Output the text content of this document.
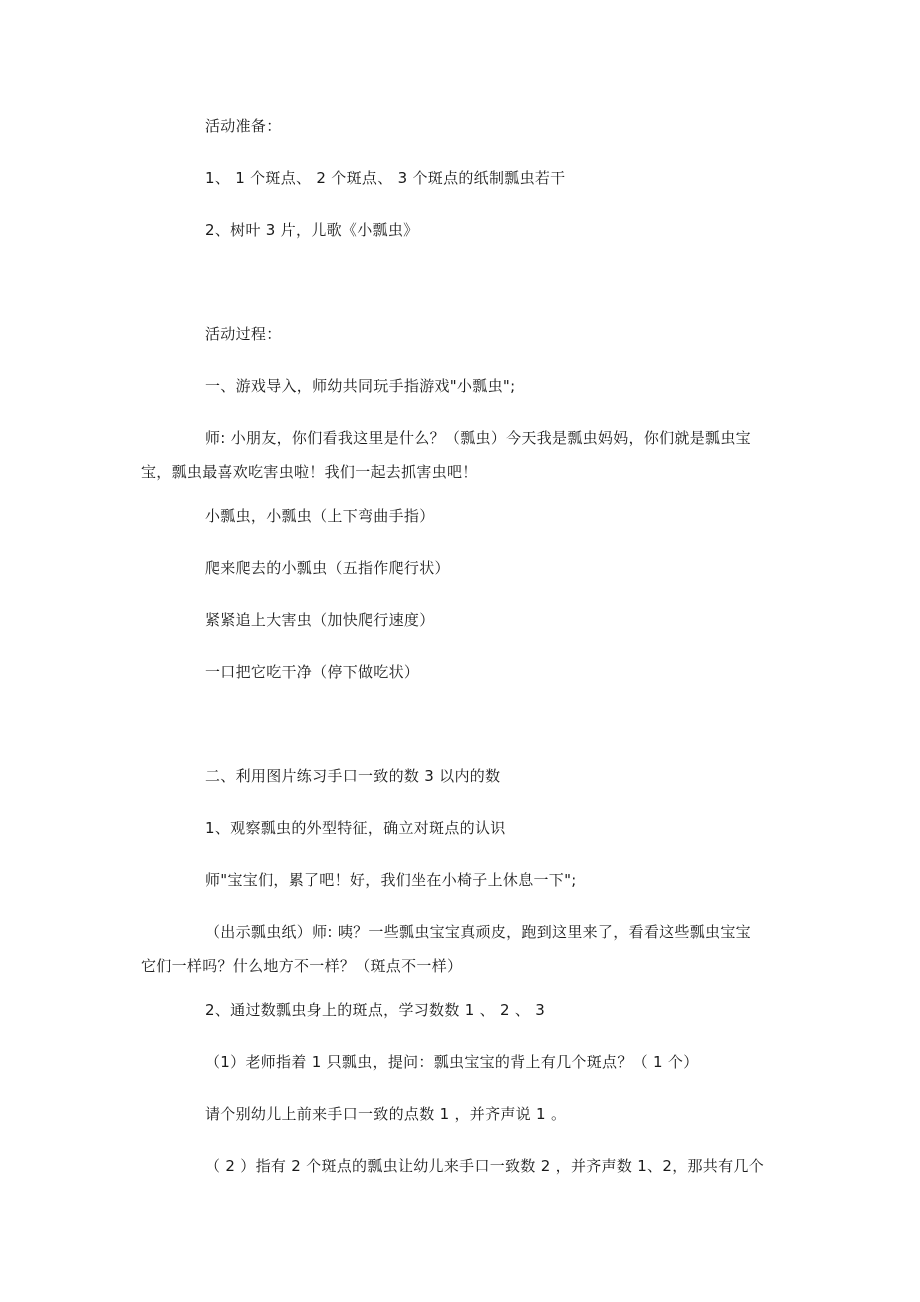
活动准备：
1、 1 个斑点、 2 个斑点、 3 个斑点的纸制瓢虫若干
2、树叶 3 片，儿歌《小瓢虫》
活动过程：
一、游戏导入，师幼共同玩手指游戏"小瓢虫";
师: 小朋友，你们看我这里是什么？（瓢虫）今天我是瓢虫妈妈，你们就是瓢虫宝
宝，瓢虫最喜欢吃害虫啦！我们一起去抓害虫吧！
小瓢虫，小瓢虫（上下弯曲手指）
爬来爬去的小瓢虫（五指作爬行状）
紧紧追上大害虫（加快爬行速度）
一口把它吃干净（停下做吃状）
二、利用图片练习手口一致的数 3 以内的数
1、观察瓢虫的外型特征，确立对斑点的认识
师"宝宝们，累了吧！好，我们坐在小椅子上休息一下";
（出示瓢虫纸）师: 咦？一些瓢虫宝宝真顽皮，跑到这里来了，看看这些瓢虫宝宝
它们一样吗？什么地方不一样？（斑点不一样）
2、通过数瓢虫身上的斑点，学习数数 1 、 2 、 3
（1）老师指着 1 只瓢虫，提问：瓢虫宝宝的背上有几个斑点？（ 1 个）
请个别幼儿上前来手口一致的点数 1 ，并齐声说 1 。
（ 2 ）指有 2 个斑点的瓢虫让幼儿来手口一致数 2 ，并齐声数 1、2，那共有几个
